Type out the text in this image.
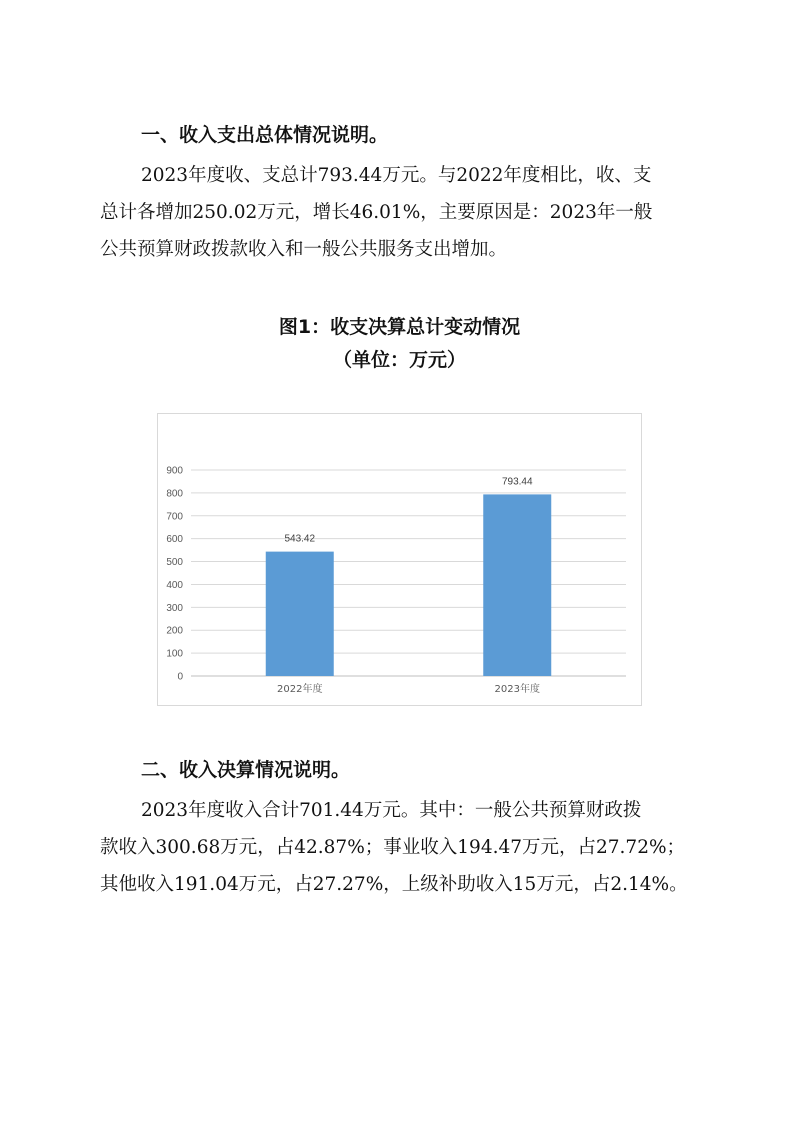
一、收入支出总体情况说明。
2023年度收、支总计793.44万元。与2022年度相比，收、支
总计各增加250.02万元，增长46.01%，主要原因是：2023年一般
公共预算财政拨款收入和一般公共服务支出增加。
图1：收支决算总计变动情况
（单位：万元）
0
100
200
300
400
500
600
700
800
900
543.42
793.44
2022年度	2023年度
二、收入决算情况说明。
2023年度收入合计701.44万元。其中：一般公共预算财政拨
款收入300.68万元，占42.87%；事业收入194.47万元，占27.72%；
其他收入191.04万元，占27.27%，上级补助收入15万元，占2.14%。
